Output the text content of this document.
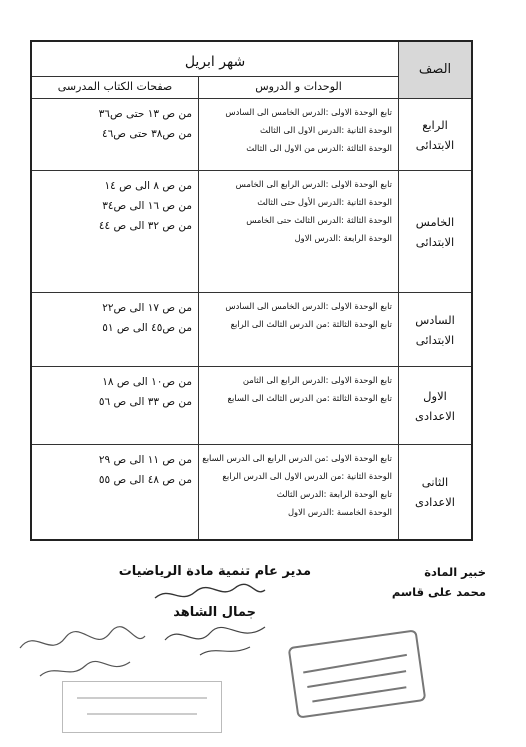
الصف
شهر ابريل
الوحدات و الدروس
صفحات الكتاب المدرسى
الرابع
الابتدائى
تابع الوحدة الاولى :الدرس الخامس الى السادس
الوحدة الثانية :الدرس الاول الى الثالث
الوحدة الثالثة :الدرس من الاول الى الثالث
من ص ١٣ حتى ص٣٦
من ص٣٨ حتى ص٤٦
الخامس
الابتدائى
تابع الوحدة الاولى :الدرس الرابع الى الخامس
الوحدة الثانية :الدرس الأول حتى الثالث
الوحدة الثالثة :الدرس الثالث حتى الخامس
الوحدة الرابعة :الدرس الاول
من ص ٨ الى ص ١٤
من ص ١٦ الى ص٣٤
من ص ٣٢ الى ص ٤٤
السادس
الابتدائى
تابع الوحدة الاولى :الدرس الخامس الى السادس
تابع الوحدة الثالثة :من الدرس الثالث الى الرابع
من ص ١٧ الى ص٢٢
من ص٤٥ الى ص ٥١
الاول
الاعدادى
تابع الوحدة الاولى :الدرس الرابع الى الثامن
تابع الوحدة الثالثة :من الدرس الثالث الى السابع
من ص١٠ الى ص ١٨
من ص ٣٣ الى ص ٥٦
الثانى
الاعدادى
تابع الوحدة الاولى :من الدرس الرابع الى الدرس السابع
الوحدة الثانية :من الدرس الاول الى الدرس الرابع
تابع الوحدة الرابعة :الدرس الثالث
الوحدة الخامسة :الدرس الاول
من ص ١١ الى ص ٢٩
من ص ٤٨ الى ص ٥٥
خبير المادة
محمد على قاسم
مدير عام تنمية مادة الرياضيات
جمال الشاهد
